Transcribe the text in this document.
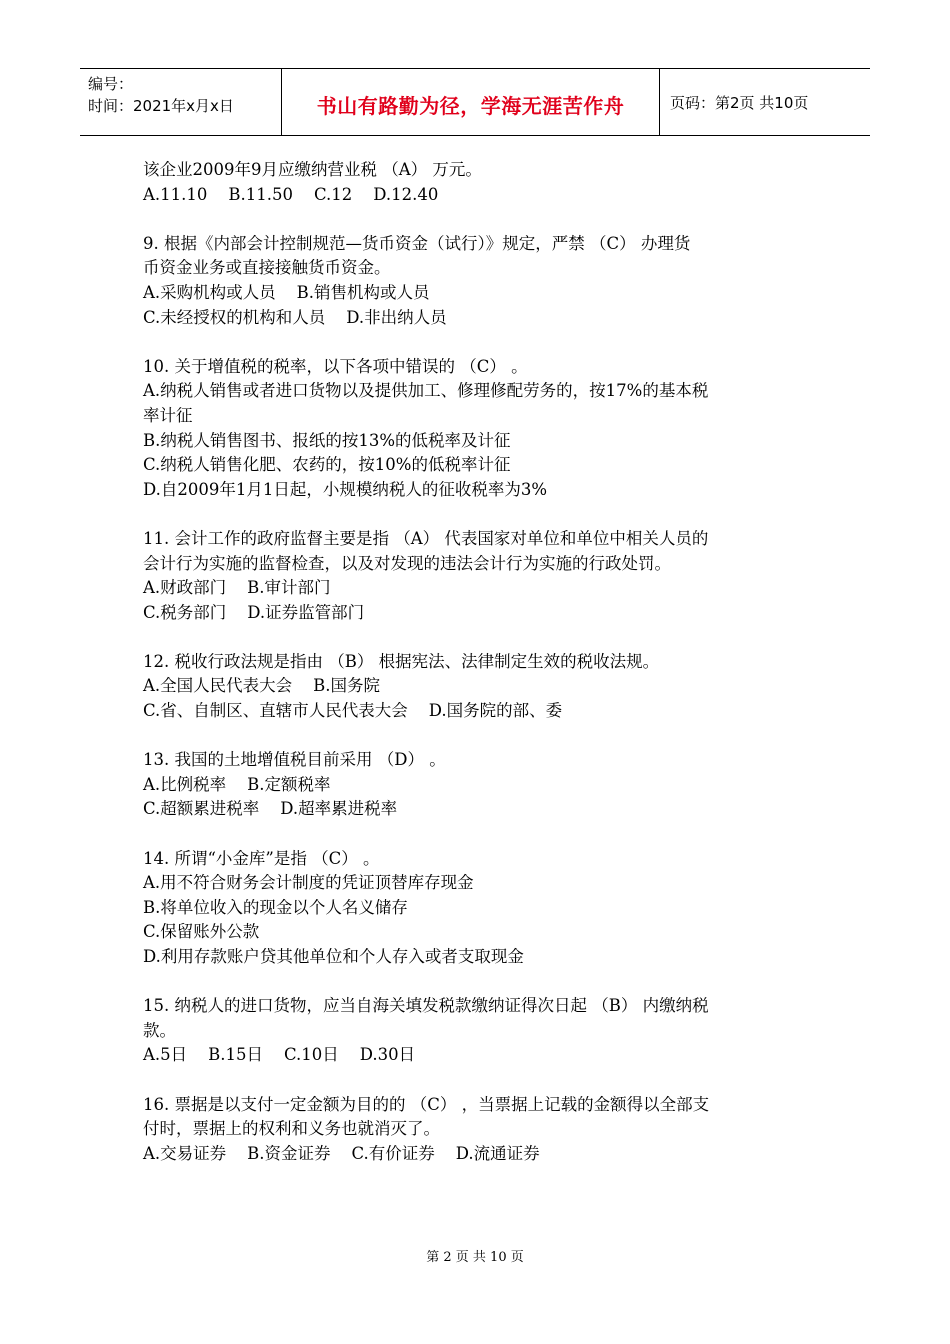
编号：
时间：2021年x月x日	书山有路勤为径，学海无涯苦作舟	页码：第2页 共10页
该企业2009年9月应缴纳营业税 （A） 万元。
A.11.10    B.11.50    C.12    D.12.40
9. 根据《内部会计控制规范—货币资金（试行）》规定，严禁 （C） 办理货
币资金业务或直接接触货币资金。
A.采购机构或人员    B.销售机构或人员
C.未经授权的机构和人员    D.非出纳人员
10. 关于增值税的税率，以下各项中错误的 （C） 。
A.纳税人销售或者进口货物以及提供加工、修理修配劳务的，按17%的基本税
率计征
B.纳税人销售图书、报纸的按13%的低税率及计征
C.纳税人销售化肥、农药的，按10%的低税率计征
D.自2009年1月1日起，小规模纳税人的征收税率为3%
11. 会计工作的政府监督主要是指 （A） 代表国家对单位和单位中相关人员的
会计行为实施的监督检查，以及对发现的违法会计行为实施的行政处罚。
A.财政部门    B.审计部门
C.税务部门    D.证券监管部门
12. 税收行政法规是指由 （B） 根据宪法、法律制定生效的税收法规。
A.全国人民代表大会    B.国务院
C.省、自制区、直辖市人民代表大会    D.国务院的部、委
13. 我国的土地增值税目前采用 （D） 。
A.比例税率    B.定额税率
C.超额累进税率    D.超率累进税率
14. 所谓“小金库”是指 （C） 。
A.用不符合财务会计制度的凭证顶替库存现金
B.将单位收入的现金以个人名义储存
C.保留账外公款
D.利用存款账户贷其他单位和个人存入或者支取现金
15. 纳税人的进口货物，应当自海关填发税款缴纳证得次日起 （B） 内缴纳税
款。
A.5日    B.15日    C.10日    D.30日
16. 票据是以支付一定金额为目的的 （C） ，当票据上记载的金额得以全部支
付时，票据上的权利和义务也就消灭了。
A.交易证券    B.资金证券    C.有价证券    D.流通证券
第 2 页 共 10 页
